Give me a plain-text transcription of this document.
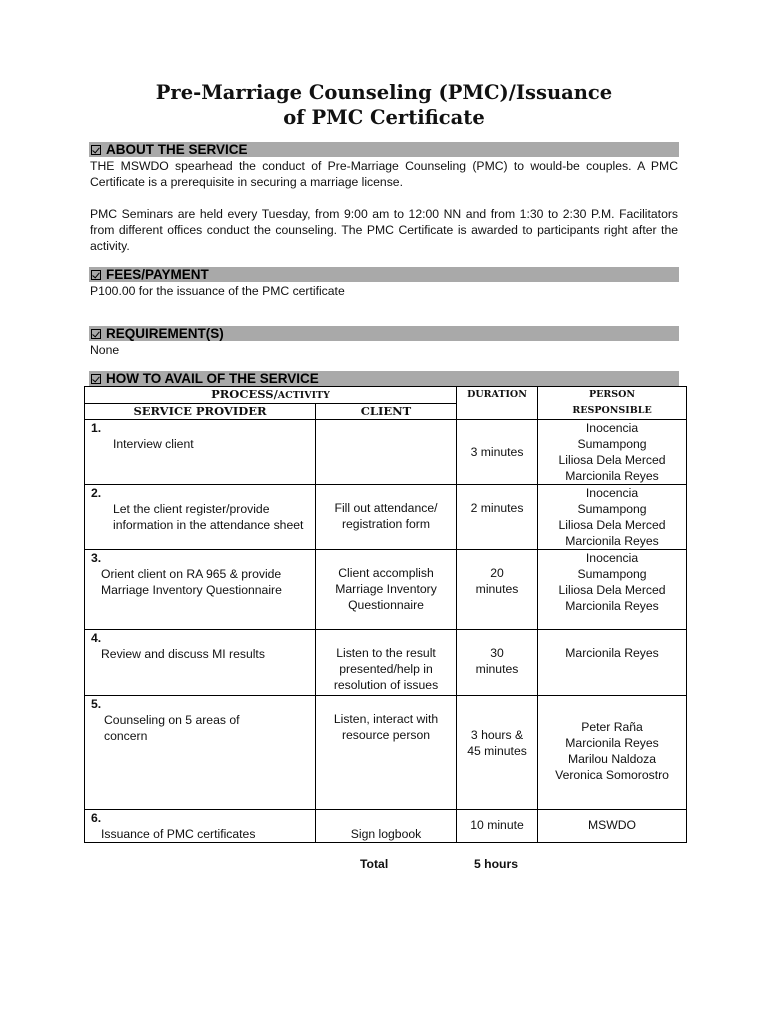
Pre-Marriage Counseling (PMC)/Issuance
of PMC Certificate
ABOUT THE SERVICE
THE MSWDO spearhead the conduct of Pre-Marriage Counseling (PMC) to would-be couples. A PMC Certificate is a prerequisite in securing a marriage license.
PMC Seminars are held every Tuesday, from 9:00 am to 12:00 NN and from 1:30 to 2:30 P.M. Facilitators from different offices conduct the counseling. The PMC Certificate is awarded to participants right after the activity.
FEES/PAYMENT
P100.00 for the issuance of the PMC certificate
REQUIREMENT(S)
None
HOW TO AVAIL OF THE SERVICE
PROCESS/ACTIVITY		DURATION	PERSON
RESPONSIBLE

SERVICE PROVIDER	CLIENT		

1.
Interview client		3 minutes	Inocencia
Sumampong
Liliosa Dela Merced
Marcionila Reyes

2.
Let the client register/provide information in the attendance sheet	Fill out attendance/ registration form	2 minutes	Inocencia
Sumampong
Liliosa Dela Merced
Marcionila Reyes

3.
Orient client on RA 965 & provide Marriage Inventory Questionnaire	Client accomplish Marriage Inventory Questionnaire	20 minutes	Inocencia
Sumampong
Liliosa Dela Merced
Marcionila Reyes

4.
Review and discuss MI results	Listen to the result presented/help in resolution of issues	30 minutes	Marcionila Reyes

5.
Counseling on 5 areas of concern	Listen, interact with resource person	3 hours & 45 minutes	Peter Raña
Marcionila Reyes
Marilou Naldoza
Veronica Somorostro

6.
Issuance of PMC certificates	Sign logbook	10 minute	MSWDO
Total	5 hours
